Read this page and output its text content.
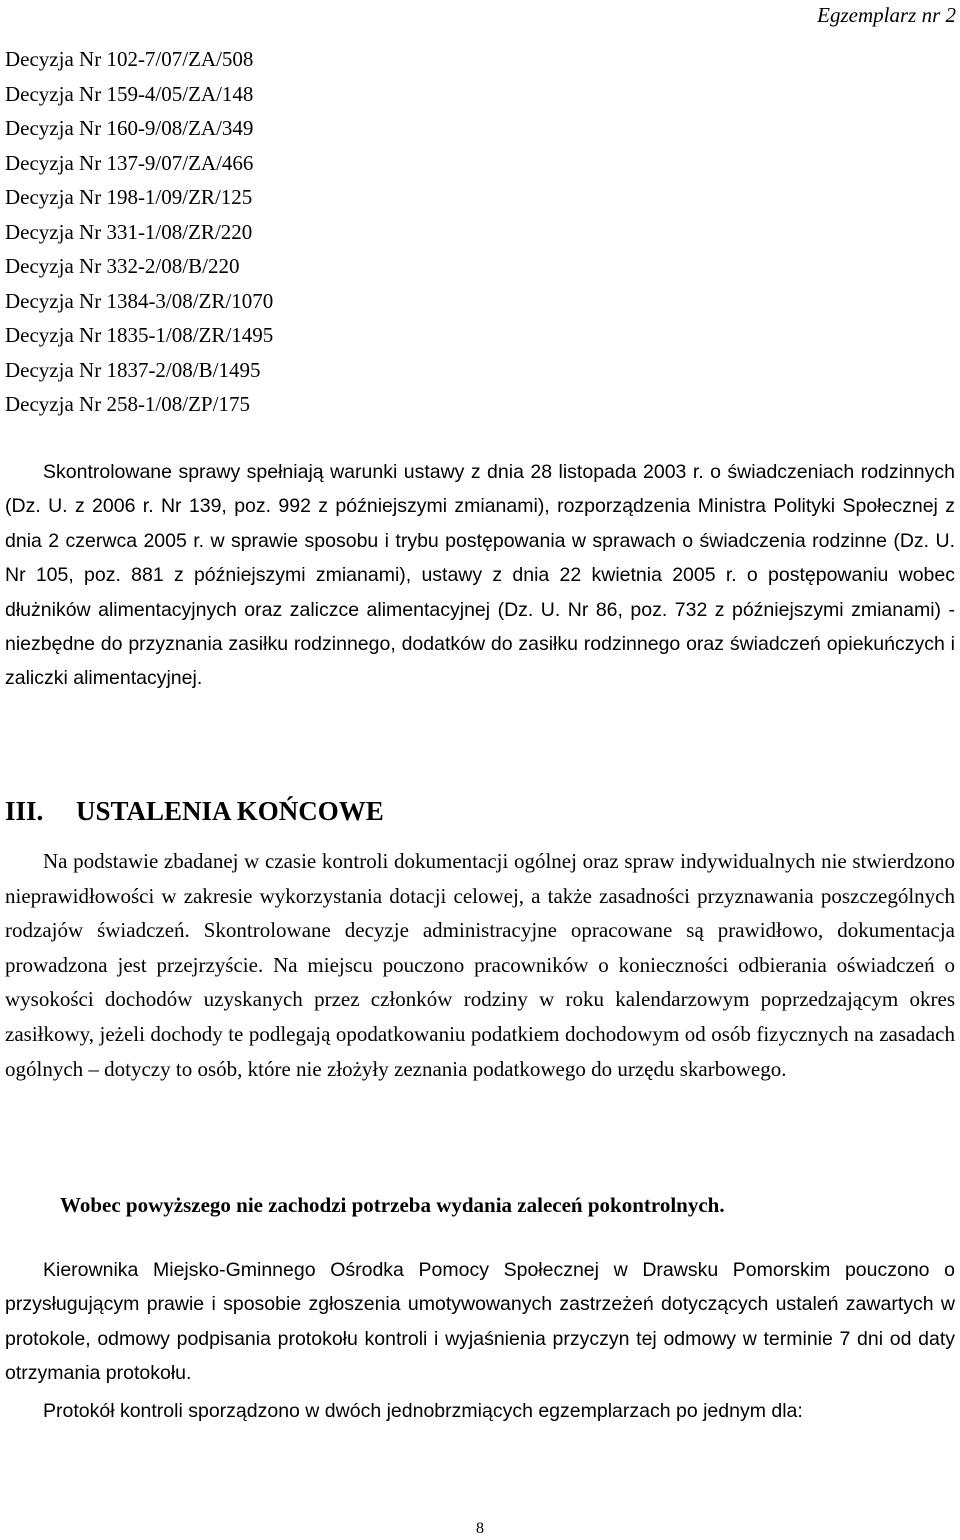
Egzemplarz nr 2
Decyzja Nr 102-7/07/ZA/508
Decyzja Nr 159-4/05/ZA/148
Decyzja Nr 160-9/08/ZA/349
Decyzja Nr 137-9/07/ZA/466
Decyzja Nr 198-1/09/ZR/125
Decyzja Nr 331-1/08/ZR/220
Decyzja Nr 332-2/08/B/220
Decyzja Nr 1384-3/08/ZR/1070
Decyzja Nr 1835-1/08/ZR/1495
Decyzja Nr 1837-2/08/B/1495
Decyzja Nr 258-1/08/ZP/175

Skontrolowane sprawy spełniają warunki ustawy z dnia 28 listopada 2003 r. o świadczeniach rodzinnych (Dz. U. z 2006 r. Nr 139, poz. 992 z późniejszymi zmianami), rozporządzenia Ministra Polityki Społecznej z dnia 2 czerwca 2005 r. w sprawie sposobu i trybu postępowania w sprawach o świadczenia rodzinne (Dz. U. Nr 105, poz. 881 z późniejszymi zmianami), ustawy z dnia 22 kwietnia 2005 r. o postępowaniu wobec dłużników alimentacyjnych oraz zaliczce alimentacyjnej (Dz. U. Nr 86, poz. 732 z późniejszymi zmianami) - niezbędne do przyznania zasiłku rodzinnego, dodatków do zasiłku rodzinnego oraz świadczeń opiekuńczych i zaliczki alimentacyjnej.

III. USTALENIA KOŃCOWE

Na podstawie zbadanej w czasie kontroli dokumentacji ogólnej oraz spraw indywidualnych nie stwierdzono nieprawidłowości w zakresie wykorzystania dotacji celowej, a także zasadności przyznawania poszczególnych rodzajów świadczeń. Skontrolowane decyzje administracyjne opracowane są prawidłowo, dokumentacja prowadzona jest przejrzyście. Na miejscu pouczono pracowników o konieczności odbierania oświadczeń o wysokości dochodów uzyskanych przez członków rodziny w roku kalendarzowym poprzedzającym okres zasiłkowy, jeżeli dochody te podlegają opodatkowaniu podatkiem dochodowym od osób fizycznych na zasadach ogólnych – dotyczy to osób, które nie złożyły zeznania podatkowego do urzędu skarbowego.

Wobec powyższego nie zachodzi potrzeba wydania zaleceń pokontrolnych.

Kierownika Miejsko-Gminnego Ośrodka Pomocy Społecznej w Drawsku Pomorskim pouczono o przysługującym prawie i sposobie zgłoszenia umotywowanych zastrzeżeń dotyczących ustaleń zawartych w protokole, odmowy podpisania protokołu kontroli i wyjaśnienia przyczyn tej odmowy w terminie 7 dni od daty otrzymania protokołu.

Protokół kontroli sporządzono w dwóch jednobrzmiących egzemplarzach po jednym dla:

8
